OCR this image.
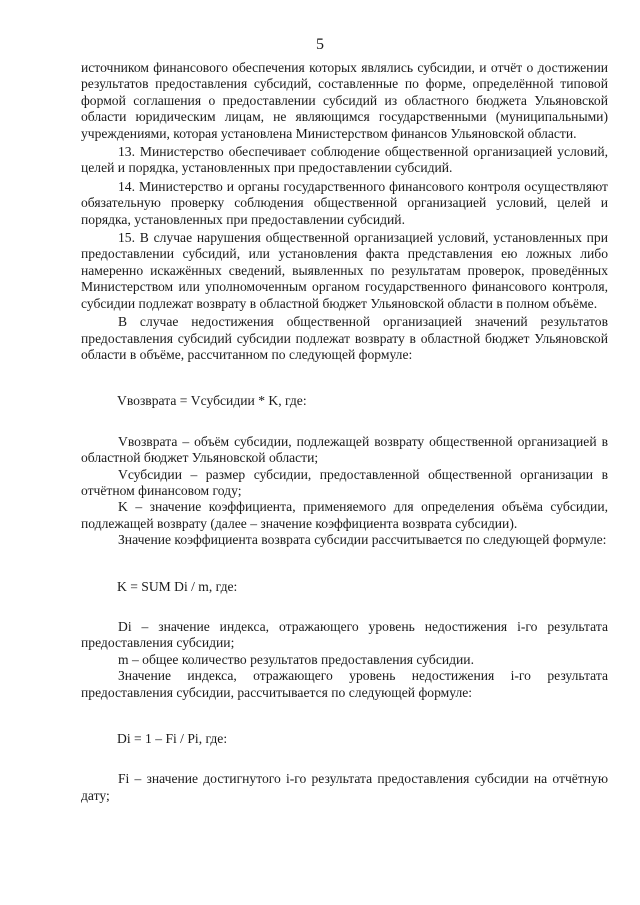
5

источником финансового обеспечения которых являлись субсидии, и отчёт о достижении результатов предоставления субсидий, составленные по форме, определённой типовой формой соглашения о предоставлении субсидий из областного бюджета Ульяновской области юридическим лицам, не являющимся государственными (муниципальными) учреждениями, которая установлена Министерством финансов Ульяновской области.

13. Министерство обеспечивает соблюдение общественной организацией условий, целей и порядка, установленных при предоставлении субсидий.

14. Министерство и органы государственного финансового контроля осуществляют обязательную проверку соблюдения общественной организацией условий, целей и порядка, установленных при предоставлении субсидий.

15. В случае нарушения общественной организацией условий, установленных при предоставлении субсидий, или установления факта представления ею ложных либо намеренно искажённых сведений, выявленных по результатам проверок, проведённых Министерством или уполномоченным органом государственного финансового контроля, субсидии подлежат возврату в областной бюджет Ульяновской области в полном объёме.

В случае недостижения общественной организацией значений результатов предоставления субсидий субсидии подлежат возврату в областной бюджет Ульяновской области в объёме, рассчитанном по следующей формуле:

Vвозврата = Vсубсидии * K, где:

Vвозврата – объём субсидии, подлежащей возврату общественной организацией в областной бюджет Ульяновской области;

Vсубсидии – размер субсидии, предоставленной общественной организации в отчётном финансовом году;

K – значение коэффициента, применяемого для определения объёма субсидии, подлежащей возврату (далее – значение коэффициента возврата субсидии).

Значение коэффициента возврата субсидии рассчитывается по следующей формуле:

K = SUM Di / m, где:

Di – значение индекса, отражающего уровень недостижения i-го результата предоставления субсидии;

m – общее количество результатов предоставления субсидии.

Значение индекса, отражающего уровень недостижения i-го результата предоставления субсидии, рассчитывается по следующей формуле:

Di = 1 – Fi / Pi, где:

Fi – значение достигнутого i-го результата предоставления субсидии на отчётную дату;
